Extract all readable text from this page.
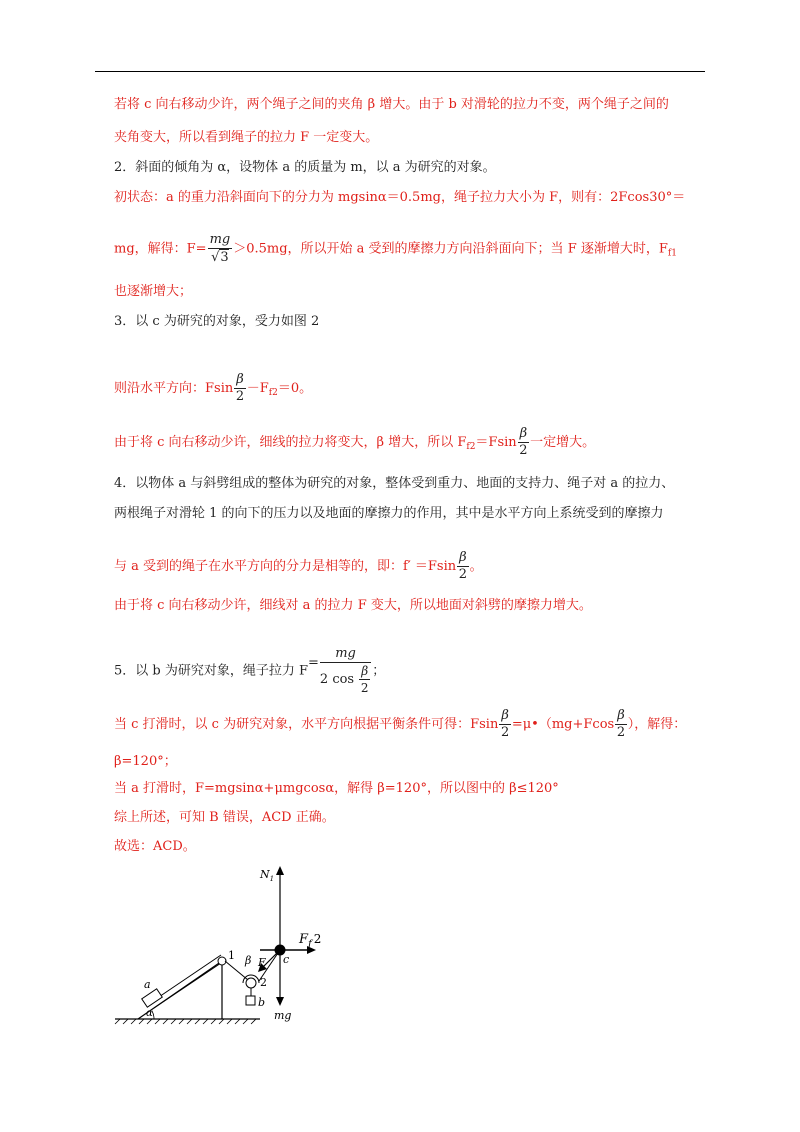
若将 c 向右移动少许，两个绳子之间的夹角 β 增大。由于 b 对滑轮的拉力不变，两个绳子之间的
夹角变大，所以看到绳子的拉力 F 一定变大。
2．斜面的倾角为 α，设物体 a 的质量为 m，以 a 为研究的对象。
初状态：a 的重力沿斜面向下的分力为 mgsinα＝0.5mg，绳子拉力大小为 F，则有：2Fcos30°＝
mg，解得：$F= \frac{mg}{√3} >0.5mg$，所以开始 a 受到的摩擦力方向沿斜面向下；当 F 逐渐增大时，$F_{f1}$
也逐渐增大；
3．以 c 为研究的对象，受力如图 2
则沿水平方向：Fsin $\frac{\beta}{2} -F_{f2}=0$。
由于将 c 向右移动少许，细线的拉力将变大，β 增大，所以 $F_{f2}=Fsin \frac{\beta}{2}$ 一定增大。
4．以物体 a 与斜劈组成的整体为研究的对象，整体受到重力、地面的支持力、绳子对 a 的拉力、
两根绳子对滑轮 1 的向下的压力以及地面的摩擦力的作用，其中是水平方向上系统受到的摩擦力
与 a 受到的绳子在水平方向的分力是相等的，即：$f' =Fsin \frac{\beta}{2}$ 。
由于将 c 向右移动少许，细线对 a 的拉力 F 变大，所以地面对斜劈的摩擦力增大。
5．以 b 为研究对象，绳子拉力 $F= \frac{mg}{2 \cos \frac{\beta}{2}}$ ；
当 c 打滑时，以 c 为研究对象，水平方向根据平衡条件可得：Fsin $\frac{\beta}{2}$ =μ•（mg+Fcos $\frac{\beta}{2}$ ），解得：
β=120°；
当 a 打滑时，F=mgsinα+μmgcosα，解得 β=120°，所以图中的 β≤120°
综上所述，可知 B 错误，ACD 正确。
故选：ACD。
$N_1$
$F_f$ 2
c
1 β F
2
a
α
b
mg
